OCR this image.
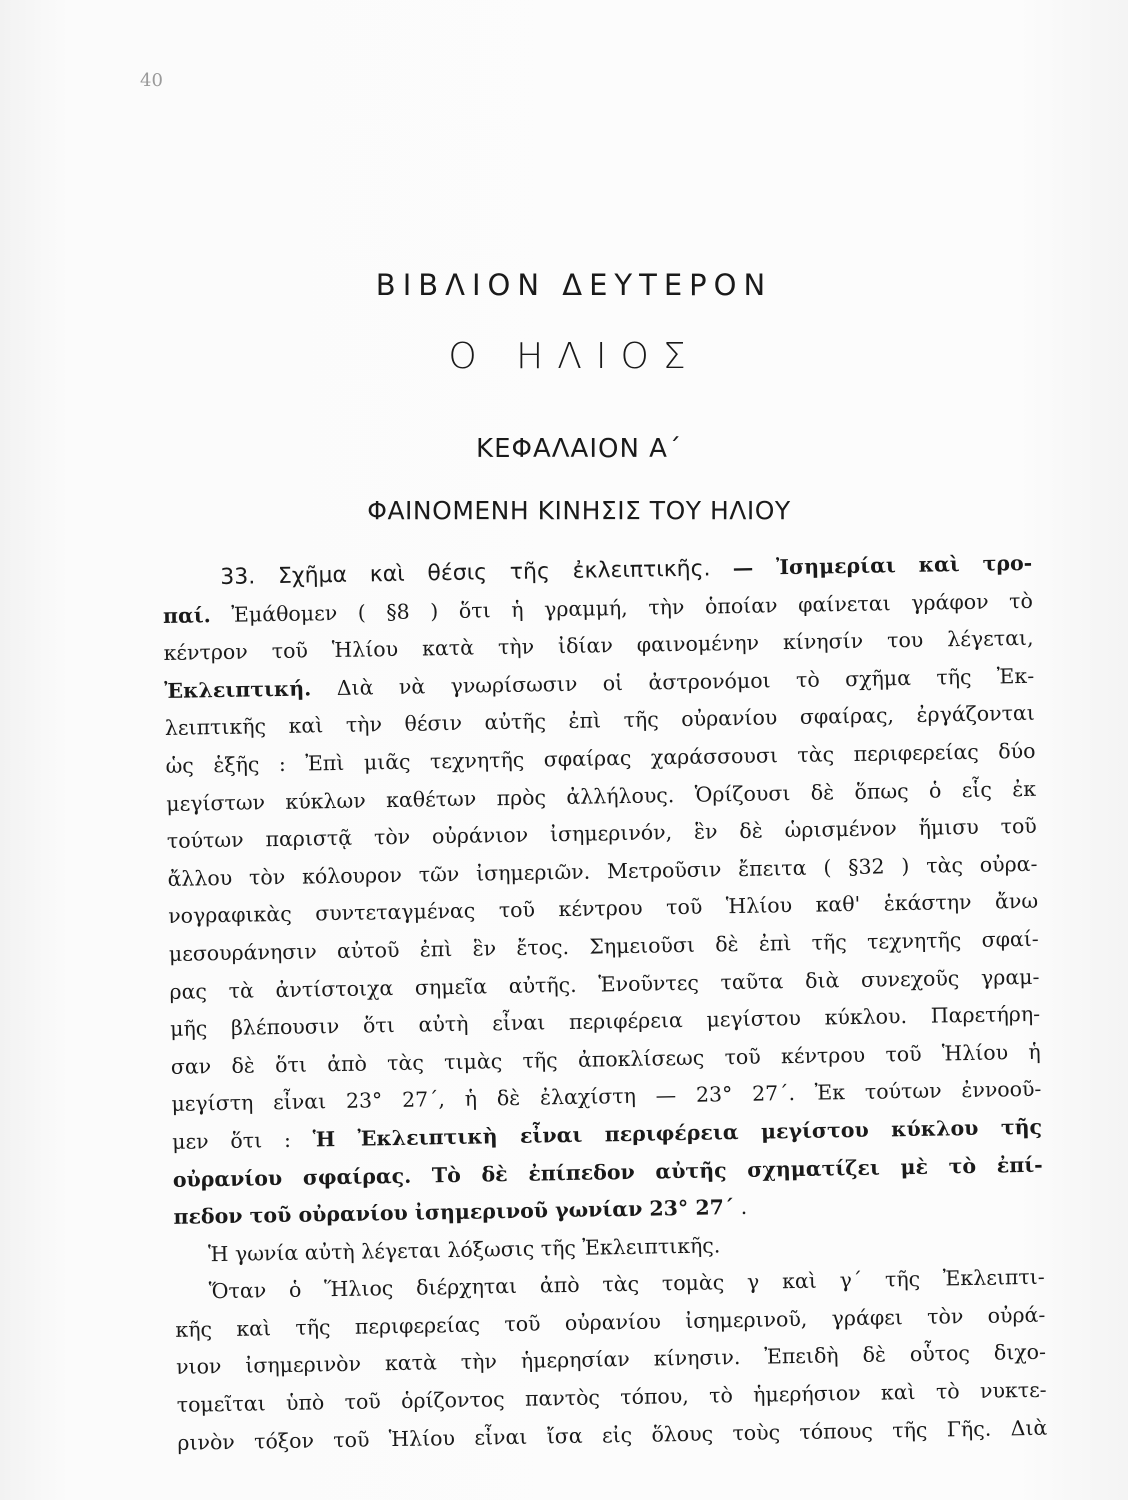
​
​
​
​
​
​
40
ΒΙΒΛΙΟΝ ΔΕΥΤΕΡΟΝ
Ο ΗΛΙΟΣ
ΚΕΦΑΛΑΙΟΝ Α΄
ΦΑΙΝΟΜΕΝΗ ΚΙΝΗΣΙΣ ΤΟΥ ΗΛΙΟΥ
33. Σχῆμα καὶ θέσις τῆς ἐκλειπτικῆς. — Ἰσημερίαι καὶ τρο-
παί. Ἐμάθομεν ( §8 ) ὅτι ἡ γραμμή, τὴν ὁποίαν φαίνεται γράφον τὸ
κέντρον τοῦ Ἡλίου κατὰ τὴν ἰδίαν φαινομένην κίνησίν του λέγεται,
Ἐκλειπτική. Διὰ νὰ γνωρίσωσιν οἱ ἀστρονόμοι τὸ σχῆμα τῆς Ἐκ-
λειπτικῆς καὶ τὴν θέσιν αὐτῆς ἐπὶ τῆς οὐρανίου σφαίρας, ἐργάζονται
ὡς ἑξῆς : Ἐπὶ μιᾶς τεχνητῆς σφαίρας χαράσσουσι τὰς περιφερείας δύο
μεγίστων κύκλων καθέτων πρὸς ἀλλήλους. Ὁρίζουσι δὲ ὅπως ὁ εἷς ἐκ
τούτων παριστᾷ τὸν οὐράνιον ἰσημερινόν, ἓν δὲ ὡρισμένον ἥμισυ τοῦ
ἄλλου τὸν κόλουρον τῶν ἰσημεριῶν. Μετροῦσιν ἔπειτα ( §32 ) τὰς οὐρα-
νογραφικὰς συντεταγμένας τοῦ κέντρου τοῦ Ἡλίου καθ' ἑκάστην ἄνω
μεσουράνησιν αὐτοῦ ἐπὶ ἓν ἔτος. Σημειοῦσι δὲ ἐπὶ τῆς τεχνητῆς σφαί-
ρας τὰ ἀντίστοιχα σημεῖα αὐτῆς. Ἑνοῦντες ταῦτα διὰ συνεχοῦς γραμ-
μῆς βλέπουσιν ὅτι αὐτὴ εἶναι περιφέρεια μεγίστου κύκλου. Παρετήρη-
σαν δὲ ὅτι ἀπὸ τὰς τιμὰς τῆς ἀποκλίσεως τοῦ κέντρου τοῦ Ἡλίου ἡ
μεγίστη εἶναι 23° 27΄, ἡ δὲ ἐλαχίστη — 23° 27΄. Ἐκ τούτων ἐννοοῦ-
μεν ὅτι : Ἡ Ἐκλειπτικὴ εἶναι περιφέρεια μεγίστου κύκλου τῆς
οὐρανίου σφαίρας. Τὸ δὲ ἐπίπεδον αὐτῆς σχηματίζει μὲ τὸ ἐπί-
πεδον τοῦ οὐρανίου ἰσημερινοῦ γωνίαν 23° 27΄ .
Ἡ γωνία αὐτὴ λέγεται λόξωσις τῆς Ἐκλειπτικῆς.
Ὅταν ὁ Ἥλιος διέρχηται ἀπὸ τὰς τομὰς γ καὶ γ΄ τῆς Ἐκλειπτι-
κῆς καὶ τῆς περιφερείας τοῦ οὐρανίου ἰσημερινοῦ, γράφει τὸν οὐρά-
νιον ἰσημερινὸν κατὰ τὴν ἡμερησίαν κίνησιν. Ἐπειδὴ δὲ οὗτος διχο-
τομεῖται ὑπὸ τοῦ ὁρίζοντος παντὸς τόπου, τὸ ἡμερήσιον καὶ τὸ νυκτε-
ρινὸν τόξον τοῦ Ἡλίου εἶναι ἴσα εἰς ὅλους τοὺς τόπους τῆς Γῆς. Διὰ
